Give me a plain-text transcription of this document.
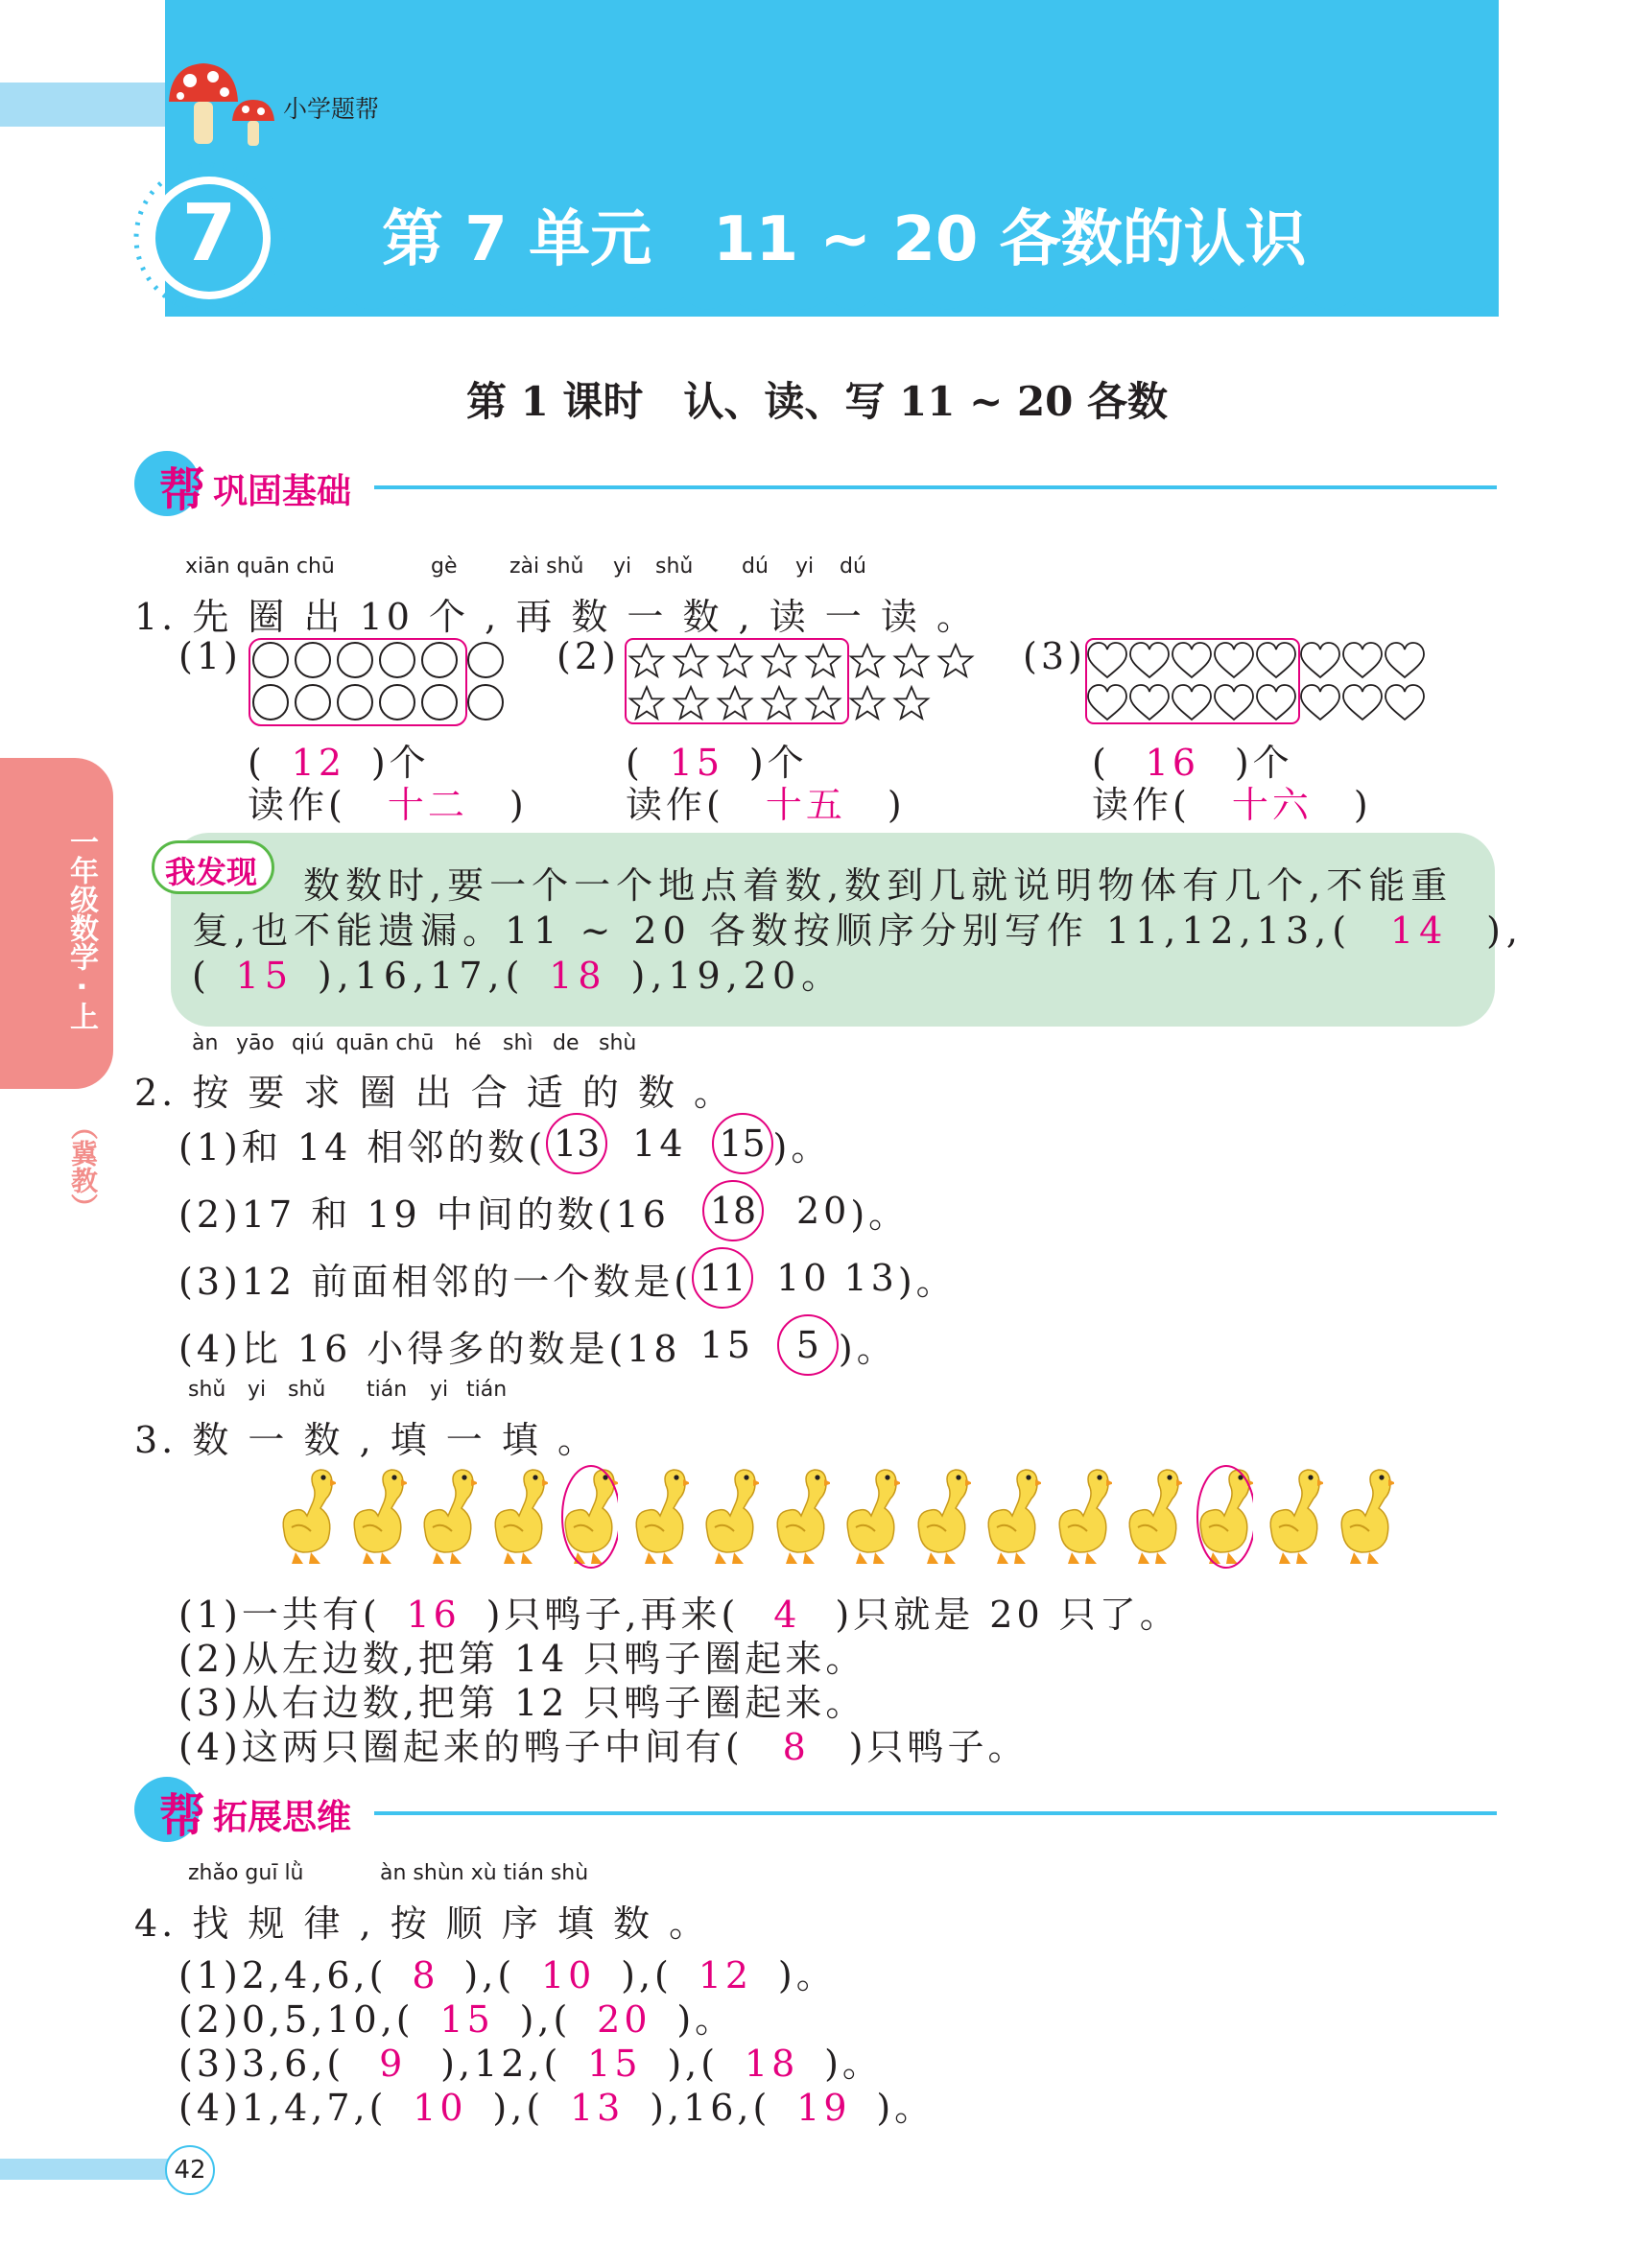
小学题帮
7 第 7 单元　11 ~ 20 各数的认识
一年级数学 · 上
（冀教）
第 1 课时　认、读、写 11 ~ 20 各数
帮 巩固基础
xiān quān chū	gè zài shǔ yi shǔ dú yi dú
1. 先 圈 出 10 个 , 再 数 一 数 , 读 一 读 。
(1)	(2)	(3)
( 12 )个	( 15 )个	( 16 )个
读作( 十二 )	读作( 十五 )	读作( 十六 )
我发现 数数时,要一个一个地点着数,数到几就说明物体有几个,不能重
复,也不能遗漏。11 ~ 20 各数按顺序分别写作 11,12,13,( 14 ),
( 15 ),16,17,( 18 ),19,20。
àn yāo qiú quān chū hé shì de shù
2. 按 要 求 圈 出 合 适 的 数 。
(1)和 14 相邻的数( 13 14 15 )。
(2)17 和 19 中间的数(16 18 20 )。
(3)12 前面相邻的一个数是( 11 10 13 )。
(4)比 16 小得多的数是(18 15	5 )。
shǔ yi shǔ tián yi tián
3. 数 一 数 , 填 一 填 。
(1)一共有( 16 )只鸭子,再来( 4 )只就是 20 只了。
(2)从左边数,把第 14 只鸭子圈起来。
(3)从右边数,把第 12 只鸭子圈起来。
(4)这两只圈起来的鸭子中间有( 8 )只鸭子。
帮 拓展思维
zhǎo guī lǜ	àn shùn xù tián shù
4. 找 规 律 , 按 顺 序 填 数 。
(1)2,4,6,( 8 ),( 10 ),( 12 )。
(2)0,5,10,( 15 ),( 20 )。
(3)3,6,( 9 ),12,( 15 ),( 18 )。
(4)1,4,7,( 10 ),( 13 ),16,( 19 )。
42
